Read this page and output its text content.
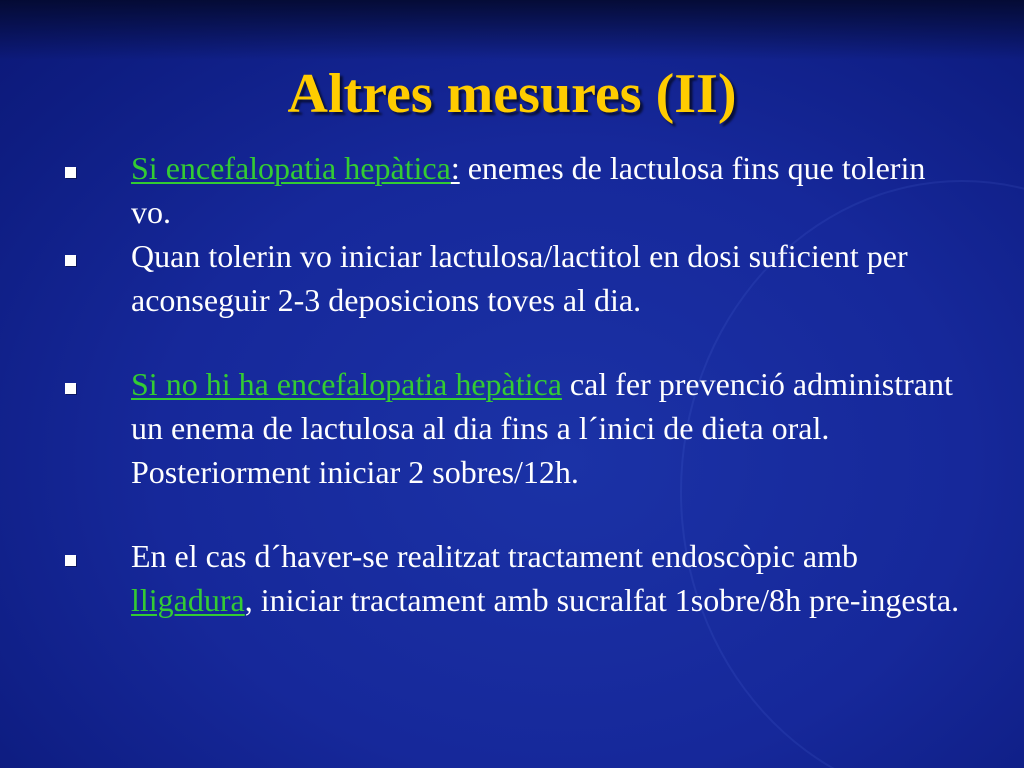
Altres mesures (II)
Si encefalopatia hepàtica: enemes de lactulosa fins que tolerin vo.
Quan tolerin vo iniciar lactulosa/lactitol en dosi suficient per aconseguir 2-3 deposicions toves al dia.
Si no hi ha encefalopatia hepàtica cal fer prevenció administrant un enema de lactulosa al dia fins a l´inici de dieta oral. Posteriorment iniciar 2 sobres/12h.
En el cas d´haver-se realitzat tractament endoscòpic amb lligadura, iniciar tractament amb sucralfat 1sobre/8h pre-ingesta.
